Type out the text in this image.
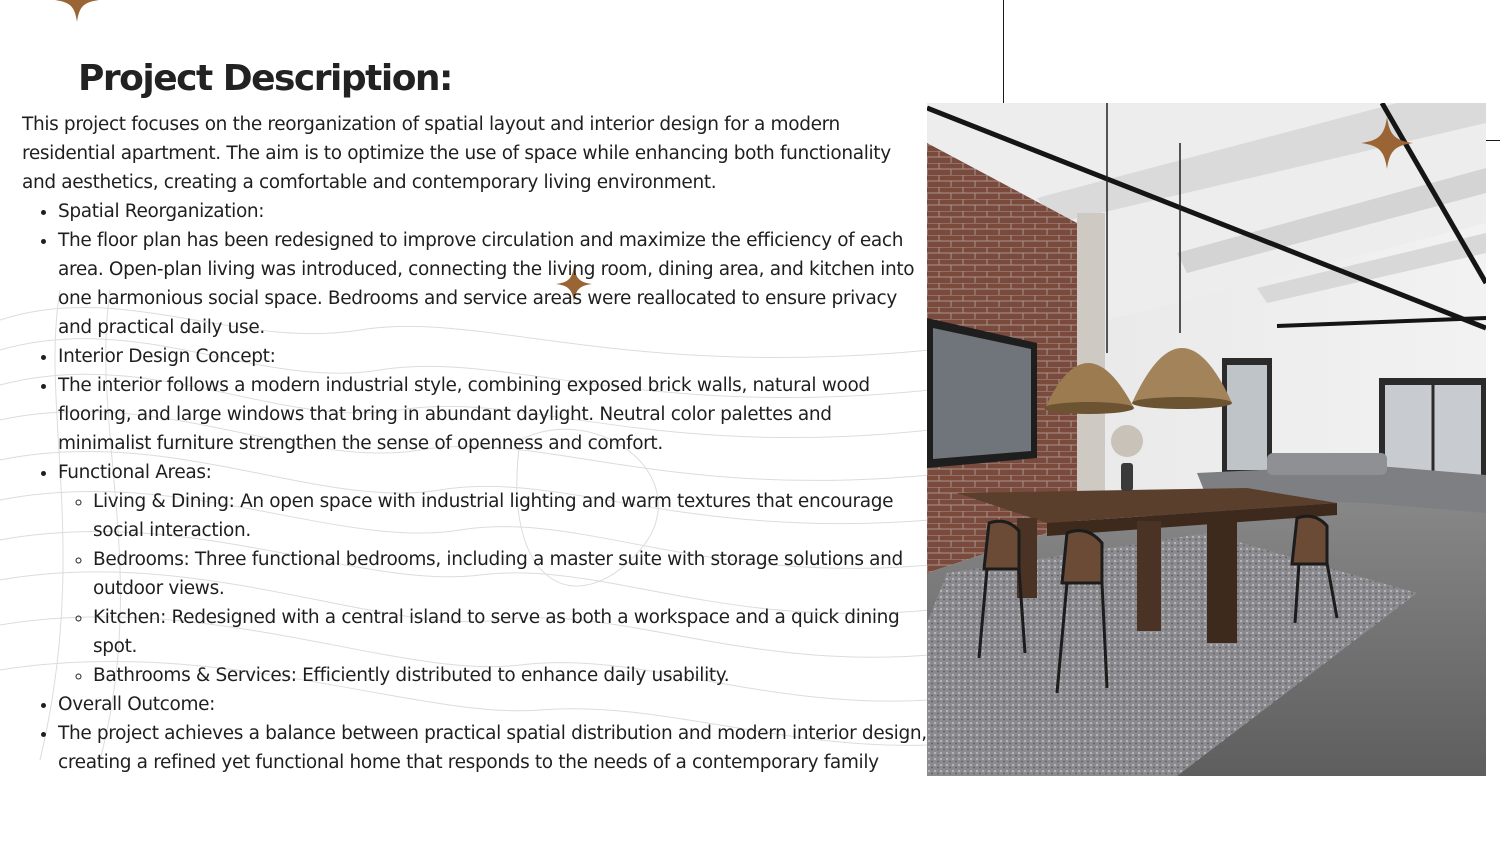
Project Description:

This project focuses on the reorganization of spatial layout and interior design for a modern residential apartment. The aim is to optimize the use of space while enhancing both functionality and aesthetics, creating a comfortable and contemporary living environment.

• Spatial Reorganization:
• The floor plan has been redesigned to improve circulation and maximize the efficiency of each area. Open-plan living was introduced, connecting the living room, dining area, and kitchen into one harmonious social space. Bedrooms and service areas were reallocated to ensure privacy and practical daily use.
• Interior Design Concept:
• The interior follows a modern industrial style, combining exposed brick walls, natural wood flooring, and large windows that bring in abundant daylight. Neutral color palettes and minimalist furniture strengthen the sense of openness and comfort.
• Functional Areas:
◦ Living & Dining: An open space with industrial lighting and warm textures that encourage social interaction.
◦ Bedrooms: Three functional bedrooms, including a master suite with storage solutions and outdoor views.
◦ Kitchen: Redesigned with a central island to serve as both a workspace and a quick dining spot.
◦ Bathrooms & Services: Efficiently distributed to enhance daily usability.
• Overall Outcome:
• The project achieves a balance between practical spatial distribution and modern interior design, creating a refined yet functional home that responds to the needs of a contemporary family
